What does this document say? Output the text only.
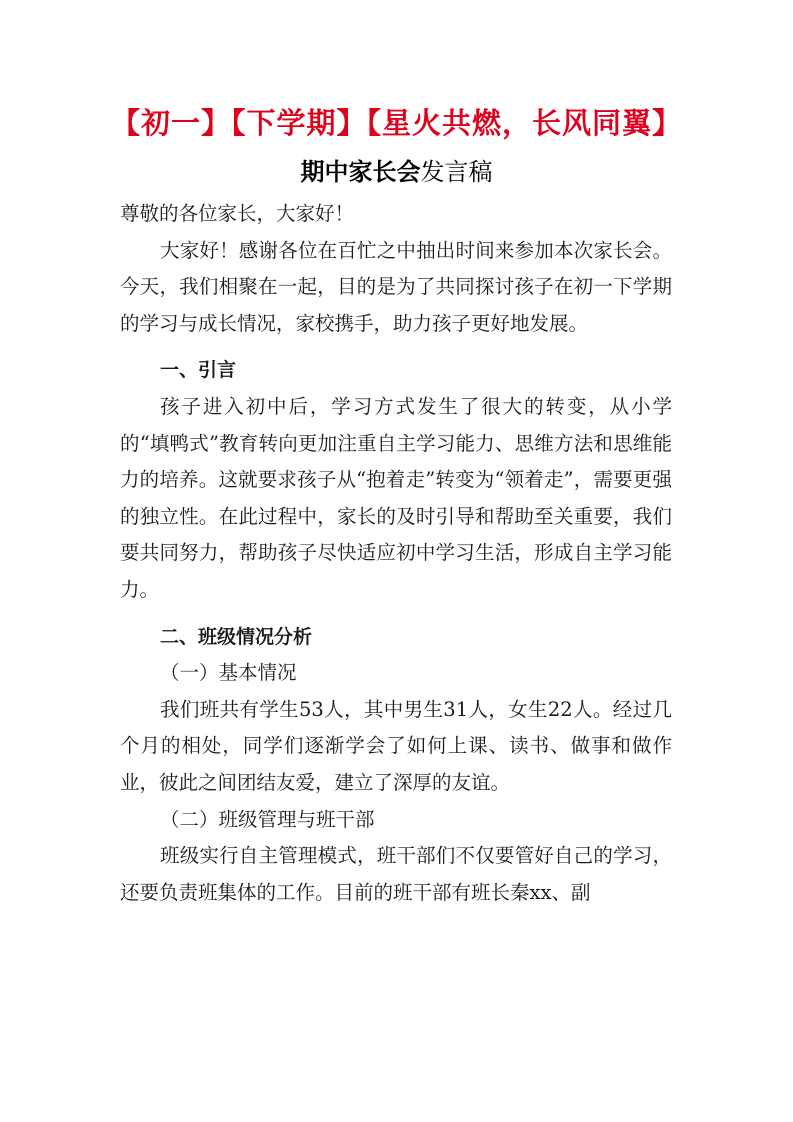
【初一】【下学期】【星火共燃，长风同翼】
期中家长会发言稿

尊敬的各位家长，大家好！

大家好！感谢各位在百忙之中抽出时间来参加本次家长会。今天，我们相聚在一起，目的是为了共同探讨孩子在初一下学期的学习与成长情况，家校携手，助力孩子更好地发展。

一、引言

孩子进入初中后，学习方式发生了很大的转变，从小学的“填鸭式”教育转向更加注重自主学习能力、思维方法和思维能力的培养。这就要求孩子从“抱着走”转变为“领着走”，需要更强的独立性。在此过程中，家长的及时引导和帮助至关重要，我们要共同努力，帮助孩子尽快适应初中学习生活，形成自主学习能力。

二、班级情况分析

（一）基本情况

我们班共有学生53人，其中男生31人，女生22人。经过几个月的相处，同学们逐渐学会了如何上课、读书、做事和做作业，彼此之间团结友爱，建立了深厚的友谊。

（二）班级管理与班干部

班级实行自主管理模式，班干部们不仅要管好自己的学习，还要负责班集体的工作。目前的班干部有班长秦xx、副
